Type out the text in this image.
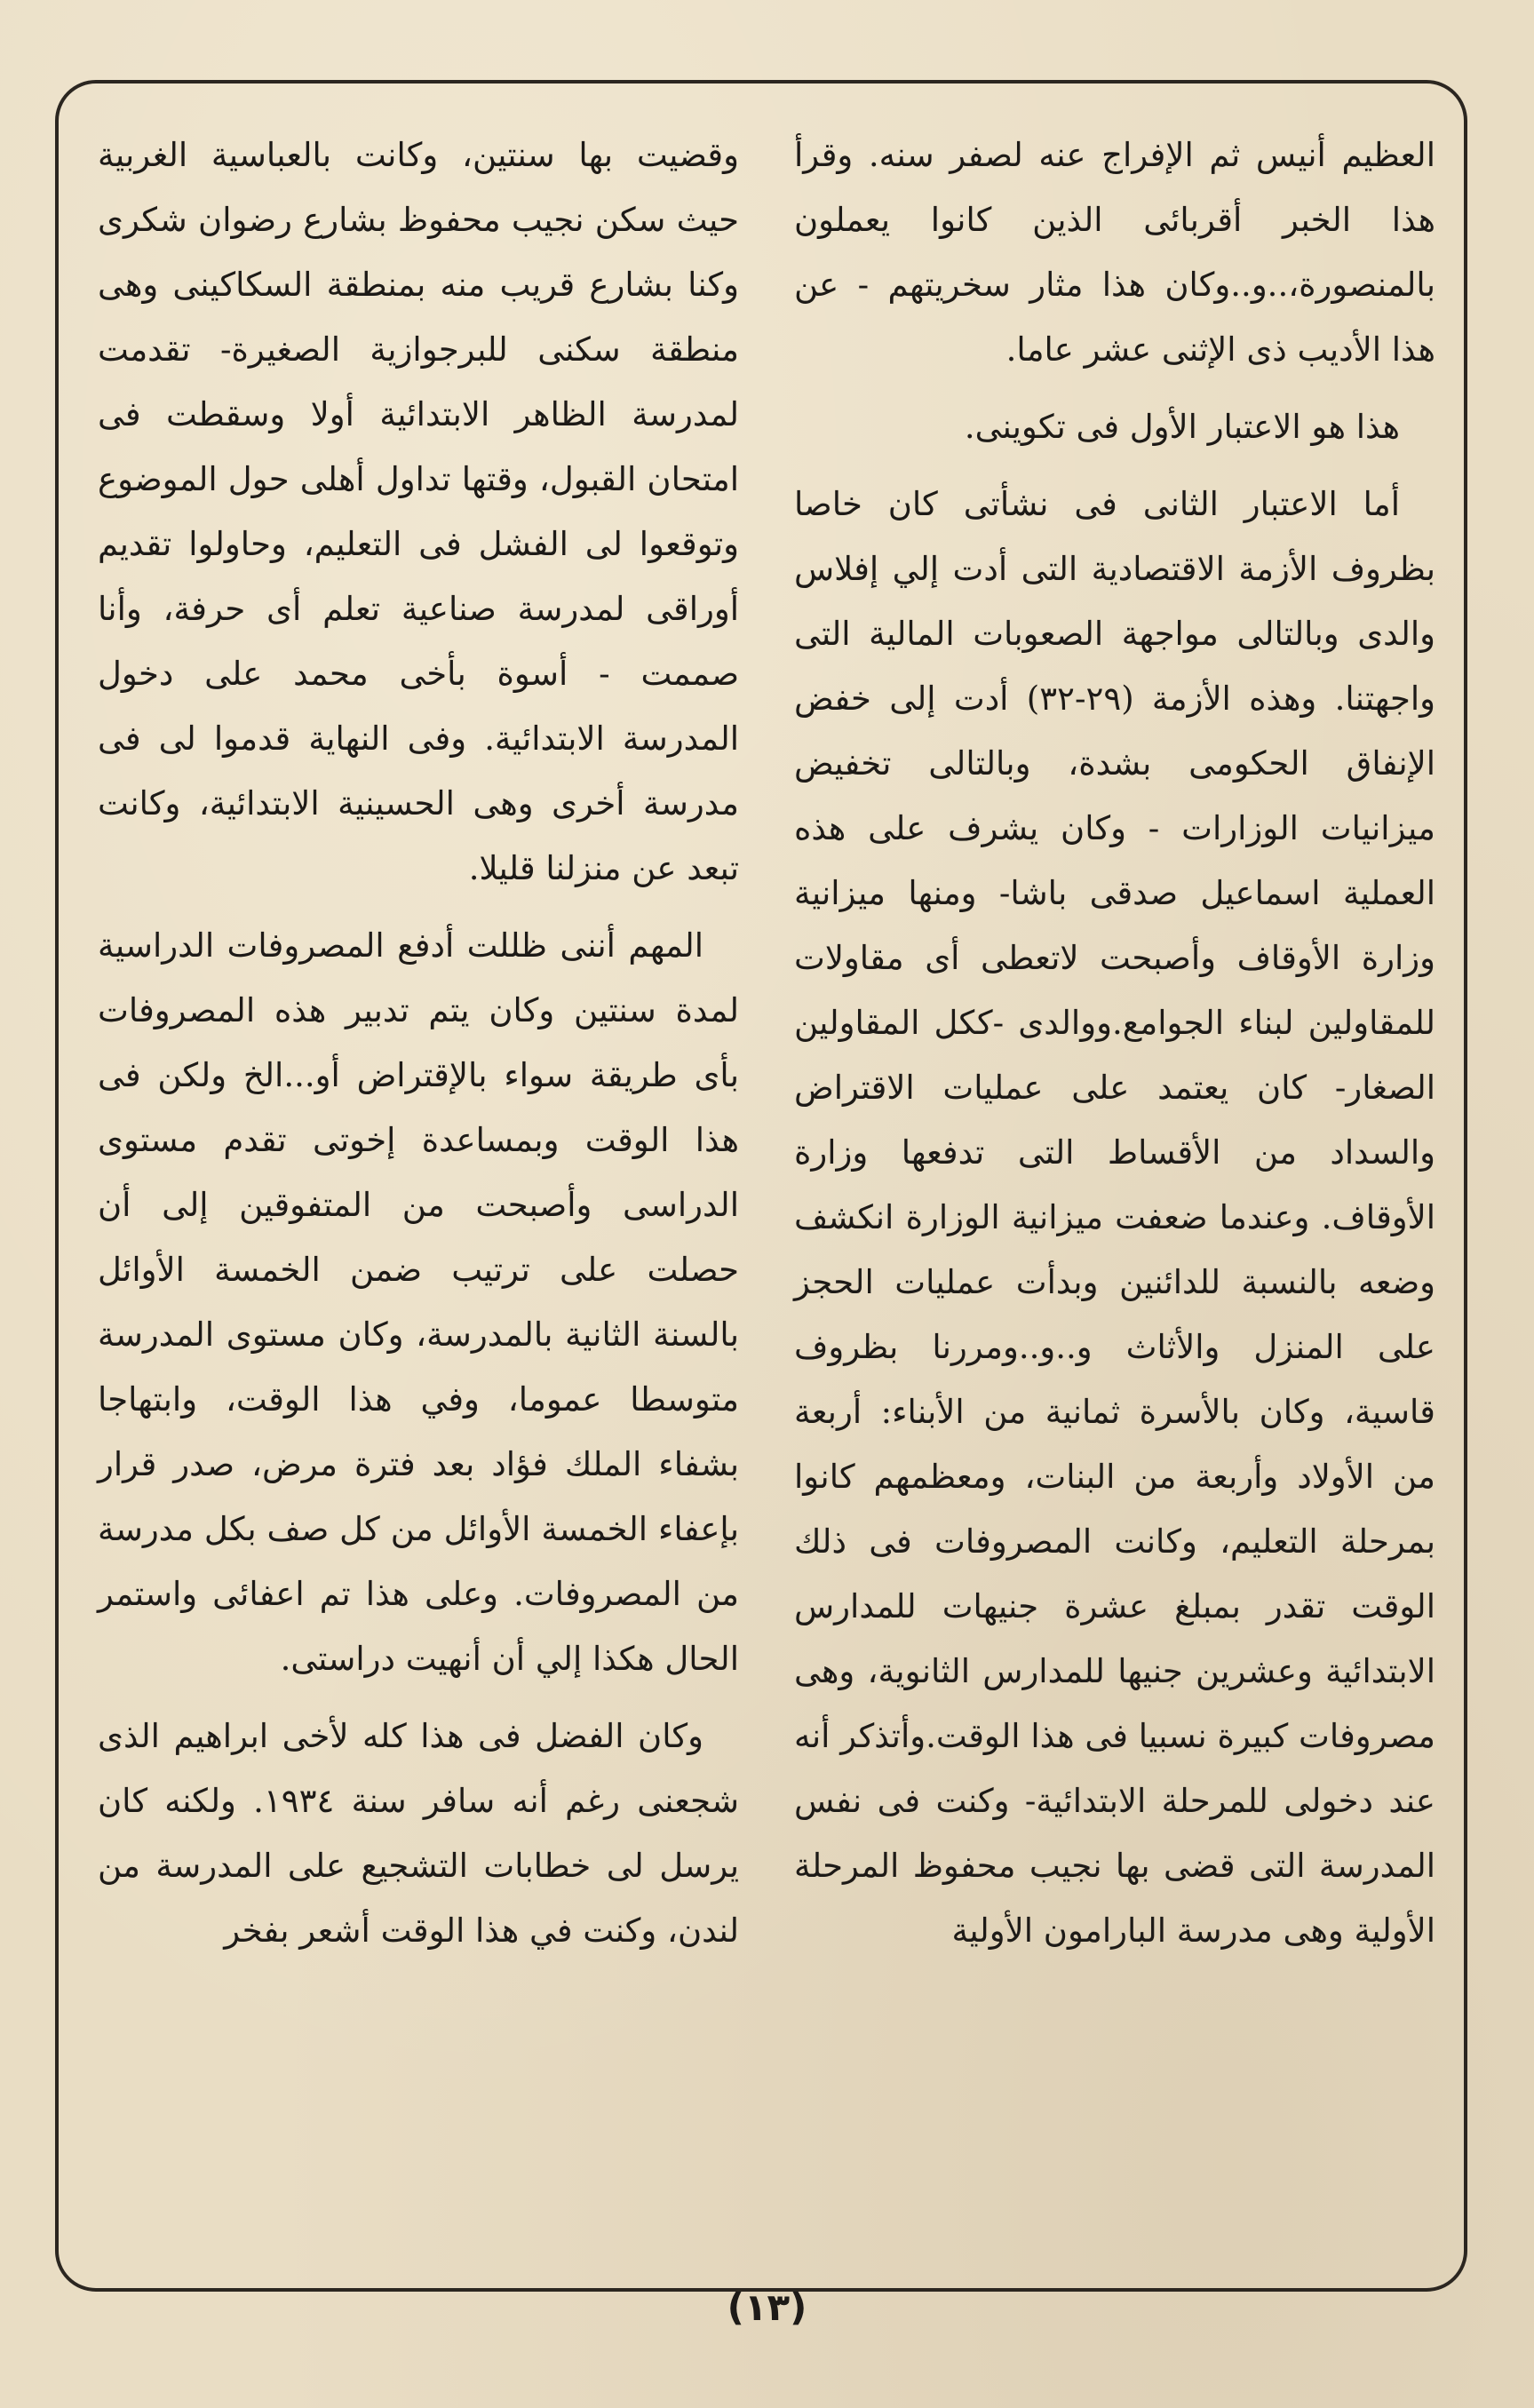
العظيم أنيس ثم الإفراج عنه لصفر سنه. وقرأ هذا الخبر أقربائى الذين كانوا يعملون بالمنصورة،..و..وكان هذا مثار سخريتهم - عن هذا الأديب ذى الإثنى عشر عاما.

هذا هو الاعتبار الأول فى تكوينى.

أما الاعتبار الثانى فى نشأتى كان خاصا بظروف الأزمة الاقتصادية التى أدت إلي إفلاس والدى وبالتالى مواجهة الصعوبات المالية التى واجهتنا. وهذه الأزمة (٢٩-٣٢) أدت إلى خفض الإنفاق الحكومى بشدة، وبالتالى تخفيض ميزانيات الوزارات - وكان يشرف على هذه العملية اسماعيل صدقى باشا- ومنها ميزانية وزارة الأوقاف وأصبحت لاتعطى أى مقاولات للمقاولين لبناء الجوامع.ووالدى -ككل المقاولين الصغار- كان يعتمد على عمليات الاقتراض والسداد من الأقساط التى تدفعها وزارة الأوقاف. وعندما ضعفت ميزانية الوزارة انكشف وضعه بالنسبة للدائنين وبدأت عمليات الحجز على المنزل والأثاث و..و..ومررنا بظروف قاسية، وكان بالأسرة ثمانية من الأبناء: أربعة من الأولاد وأربعة من البنات، ومعظمهم كانوا بمرحلة التعليم، وكانت المصروفات فى ذلك الوقت تقدر بمبلغ عشرة جنيهات للمدارس الابتدائية وعشرين جنيها للمدارس الثانوية، وهى مصروفات كبيرة نسبيا فى هذا الوقت.وأتذكر أنه عند دخولى للمرحلة الابتدائية- وكنت فى نفس المدرسة التى قضى بها نجيب محفوظ المرحلة الأولية وهى مدرسة البارامون الأولية

وقضيت بها سنتين، وكانت بالعباسية الغربية حيث سكن نجيب محفوظ بشارع رضوان شكرى وكنا بشارع قريب منه بمنطقة السكاكينى وهى منطقة سكنى للبرجوازية الصغيرة- تقدمت لمدرسة الظاهر الابتدائية أولا وسقطت فى امتحان القبول، وقتها تداول أهلى حول الموضوع وتوقعوا لى الفشل فى التعليم، وحاولوا تقديم أوراقى لمدرسة صناعية تعلم أى حرفة، وأنا صممت - أسوة بأخى محمد على دخول المدرسة الابتدائية. وفى النهاية قدموا لى فى مدرسة أخرى وهى الحسينية الابتدائية، وكانت تبعد عن منزلنا قليلا.

المهم أننى ظللت أدفع المصروفات الدراسية لمدة سنتين وكان يتم تدبير هذه المصروفات بأى طريقة سواء بالإقتراض أو...الخ ولكن فى هذا الوقت وبمساعدة إخوتى تقدم مستوى الدراسى وأصبحت من المتفوقين إلى أن حصلت على ترتيب ضمن الخمسة الأوائل بالسنة الثانية بالمدرسة، وكان مستوى المدرسة متوسطا عموما، وفي هذا الوقت، وابتهاجا بشفاء الملك فؤاد بعد فترة مرض، صدر قرار بإعفاء الخمسة الأوائل من كل صف بكل مدرسة من المصروفات. وعلى هذا تم اعفائى واستمر الحال هكذا إلي أن أنهيت دراستى.

وكان الفضل فى هذا كله لأخى ابراهيم الذى شجعنى رغم أنه سافر سنة ١٩٣٤. ولكنه كان يرسل لى خطابات التشجيع على المدرسة من لندن، وكنت في هذا الوقت أشعر بفخر

(١٣)
